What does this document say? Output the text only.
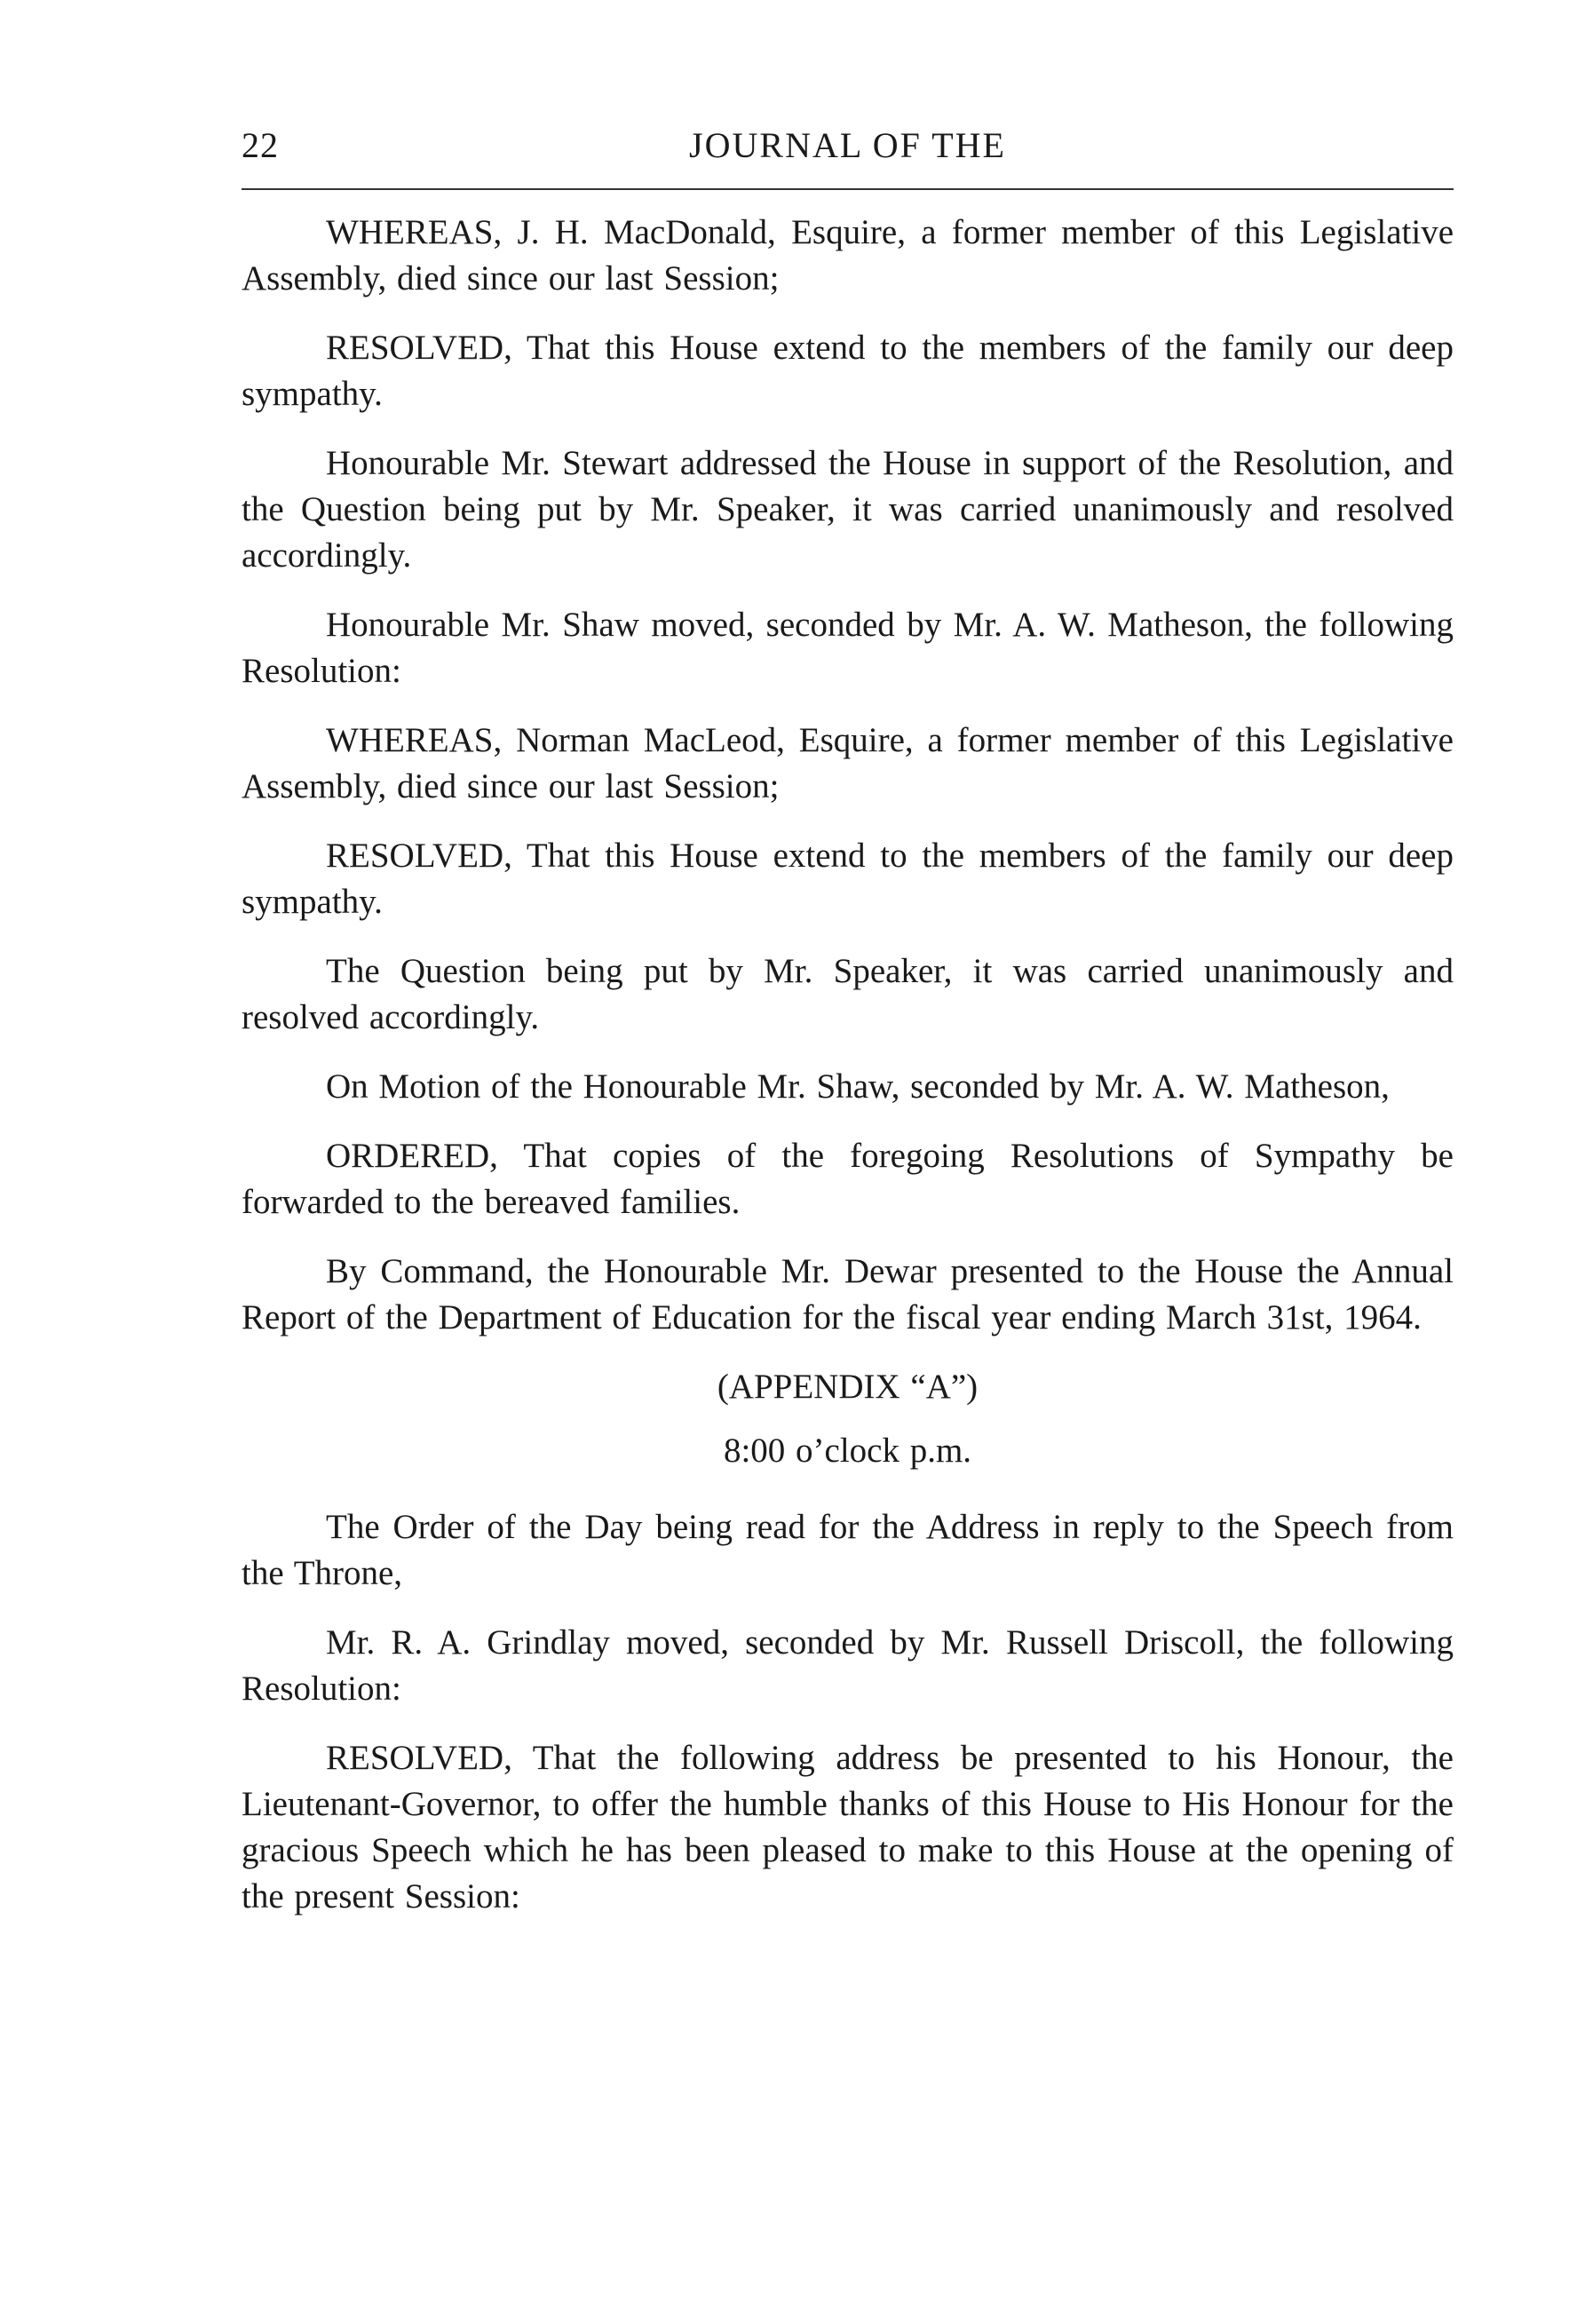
22	JOURNAL OF THE

WHEREAS, J. H. MacDonald, Esquire, a former member of this Legislative Assembly, died since our last Session;

RESOLVED, That this House extend to the members of the family our deep sympathy.

Honourable Mr. Stewart addressed the House in support of the Resolution, and the Question being put by Mr. Speaker, it was carried unanimously and resolved accordingly.

Honourable Mr. Shaw moved, seconded by Mr. A. W. Matheson, the following Resolution:

WHEREAS, Norman MacLeod, Esquire, a former member of this Legislative Assembly, died since our last Session;

RESOLVED, That this House extend to the members of the family our deep sympathy.

The Question being put by Mr. Speaker, it was carried unanimously and resolved accordingly.

On Motion of the Honourable Mr. Shaw, seconded by Mr. A. W. Matheson,

ORDERED, That copies of the foregoing Resolutions of Sympathy be forwarded to the bereaved families.

By Command, the Honourable Mr. Dewar presented to the House the Annual Report of the Department of Education for the fiscal year ending March 31st, 1964.

(APPENDIX “A”)

8:00 o’clock p.m.

The Order of the Day being read for the Address in reply to the Speech from the Throne,

Mr. R. A. Grindlay moved, seconded by Mr. Russell Driscoll, the following Resolution:

RESOLVED, That the following address be presented to his Honour, the Lieutenant-Governor, to offer the humble thanks of this House to His Honour for the gracious Speech which he has been pleased to make to this House at the opening of the present Session:
